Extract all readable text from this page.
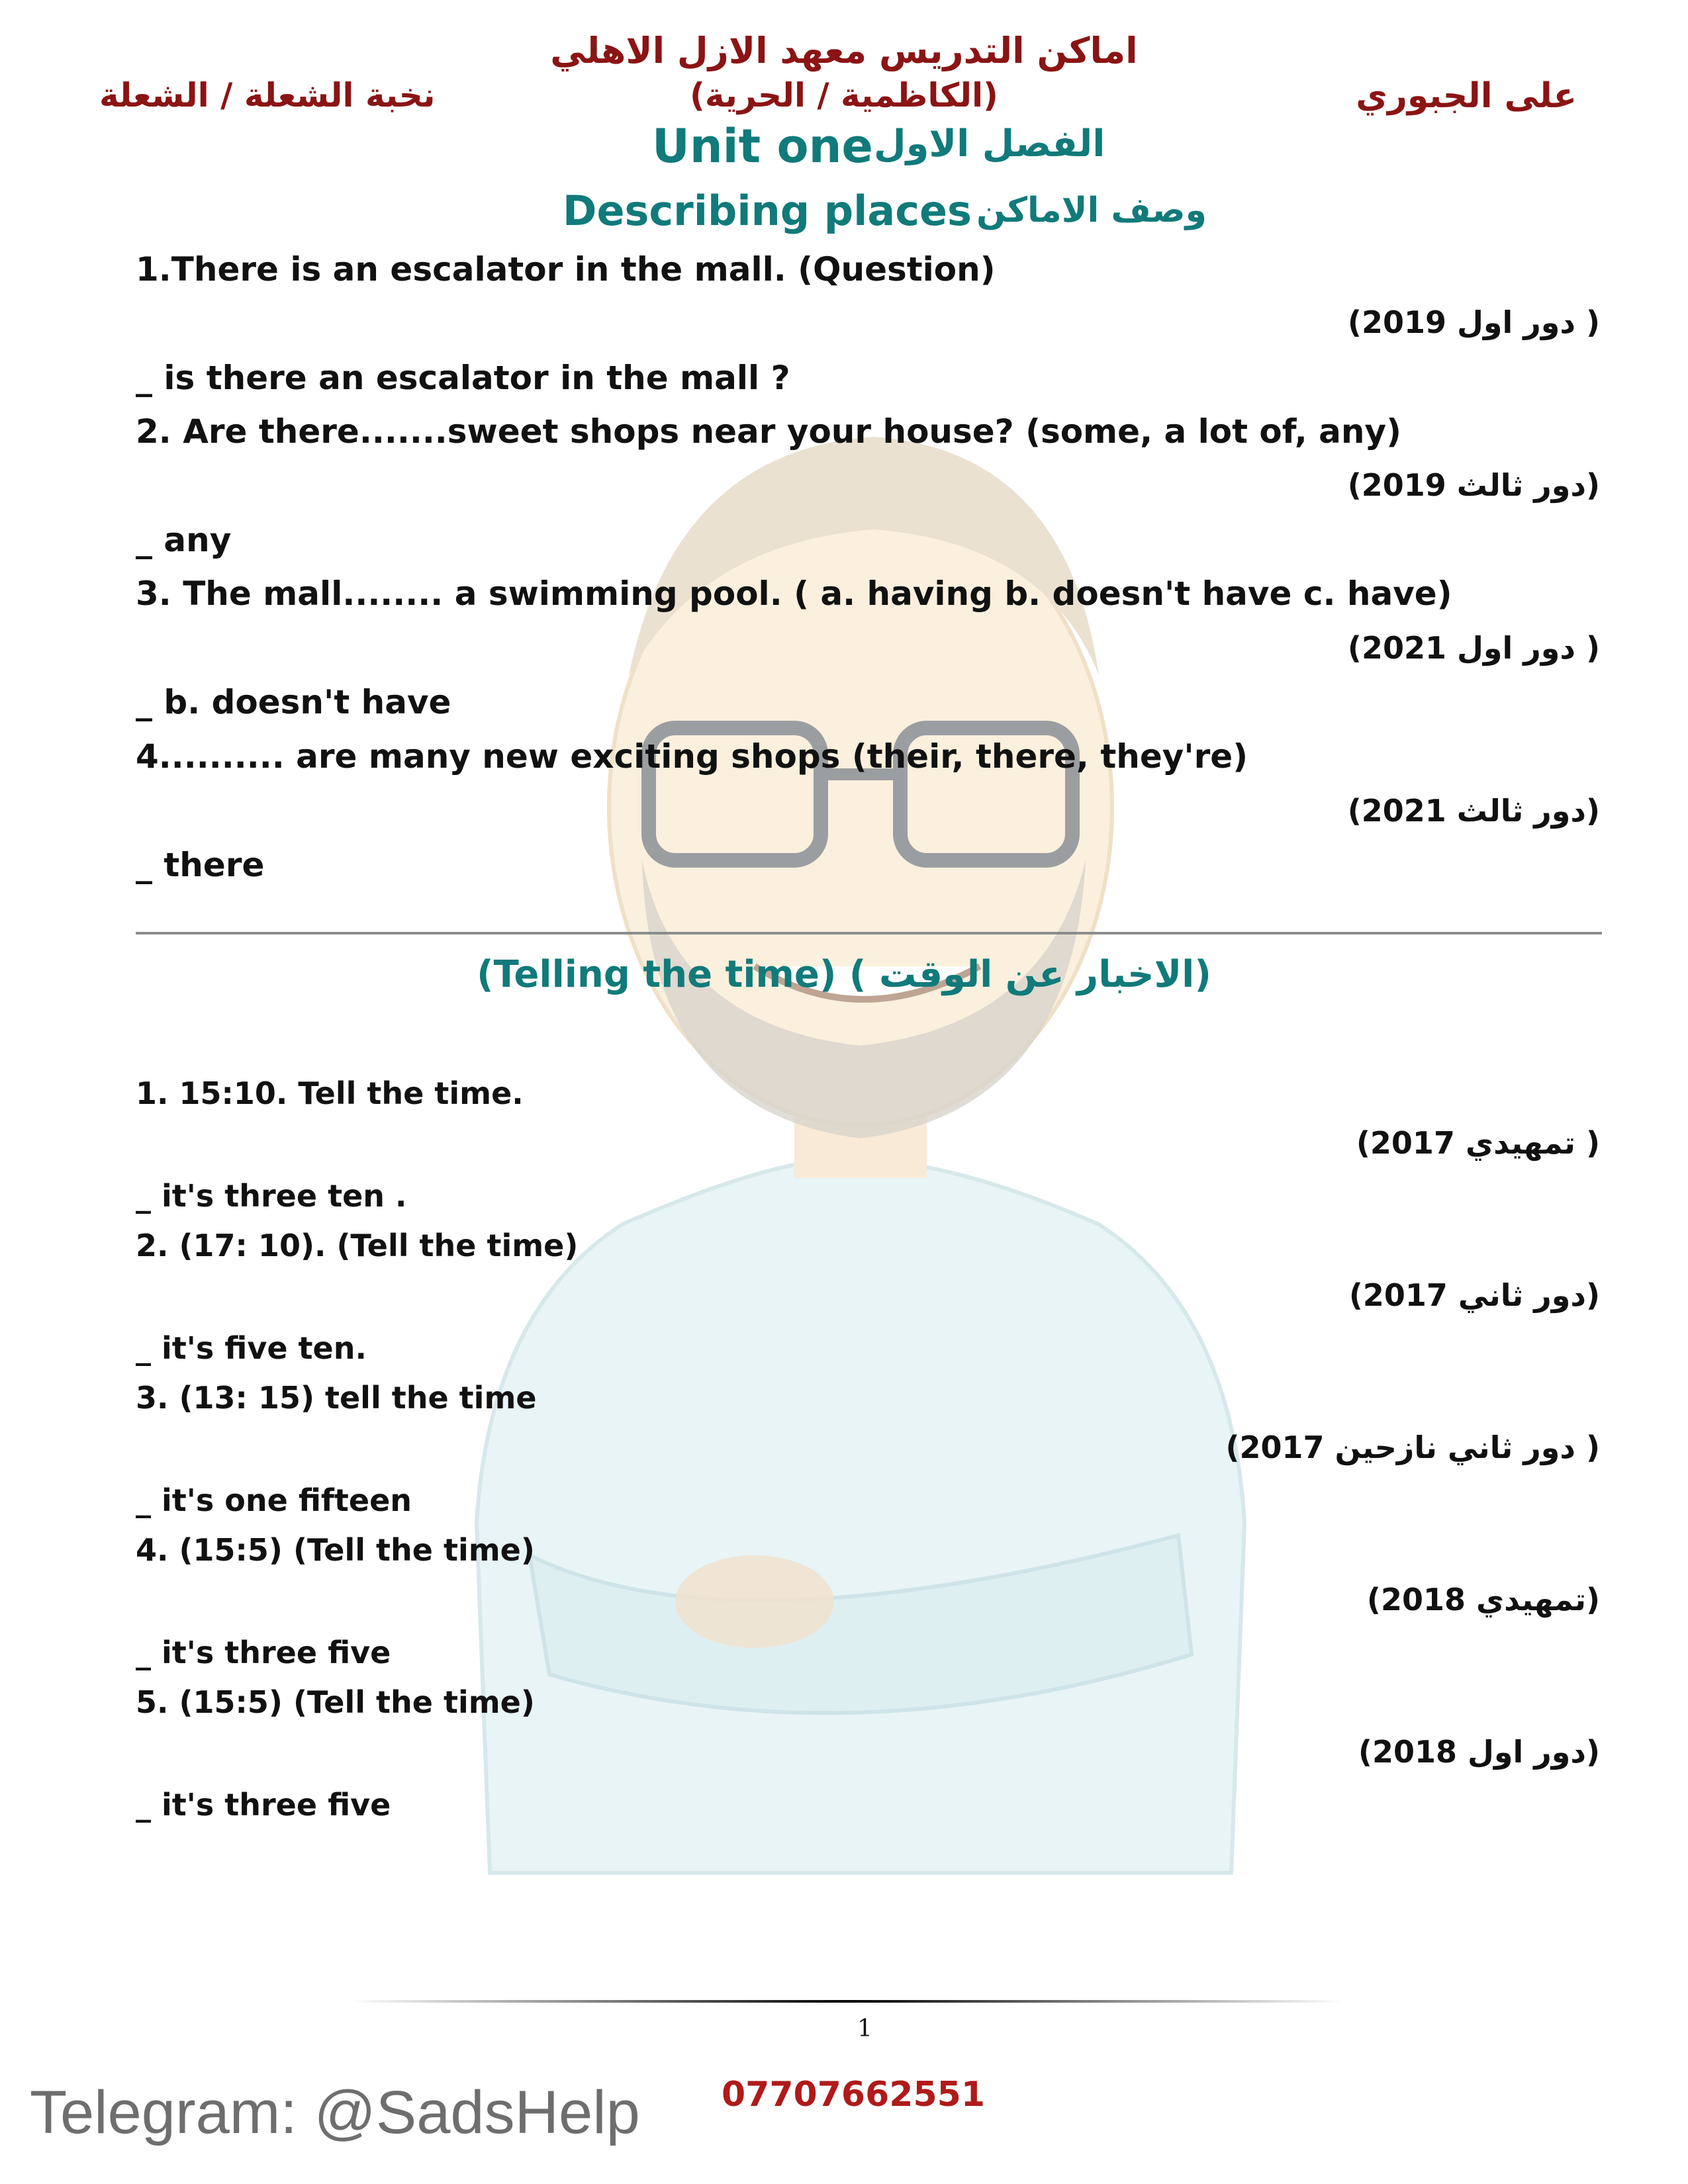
اماكن التدريس معهد الازل الاهلي
(الكاظمية / الحرية)
نخبة الشعلة / الشعلة	على الجبوري
Unit one الفصل الاول
Describing places وصف الاماكن
1.There is an escalator in the mall. (Question)
( دور اول 2019)
_ is there an escalator in the mall ?
2. Are there.......sweet shops near your house? (some, a lot of, any)
(دور ثالث 2019)
_ any
3. The mall........ a swimming pool. ( a. having b. doesn't have c. have)
( دور اول 2021)
_ b. doesn't have
4.......... are many new exciting shops (their, there, they're)
(دور ثالث 2021)
_ there
(Telling the time) ( الاخبار عن الوقت)
1. 15:10. Tell the time.
( تمهيدي 2017)
_ it's three ten .
2. (17: 10). (Tell the time)
(دور ثاني 2017)
_ it's five ten.
3. (13: 15) tell the time
( دور ثاني نازحين 2017)
_ it's one fifteen
4. (15:5) (Tell the time)
(تمهيدي 2018)
_ it's three five
5. (15:5) (Tell the time)
(دور اول 2018)
_ it's three five
1
Telegram: @SadsHelp 07707662551
